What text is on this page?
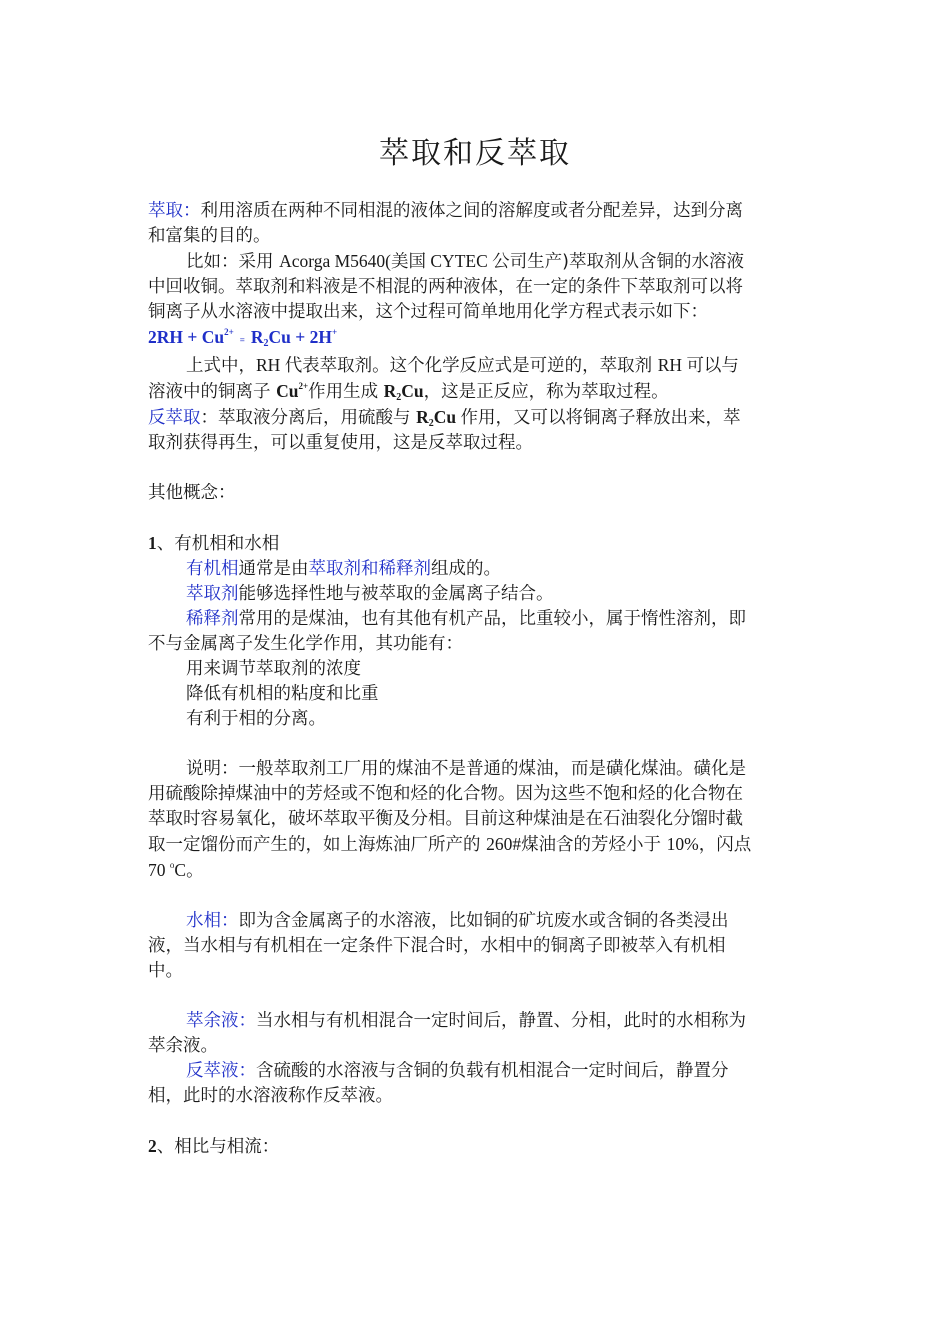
萃取和反萃取

萃取：利用溶质在两种不同相混的液体之间的溶解度或者分配差异，达到分离

和富集的目的。

比如：采用 Acorga M5640(美国 CYTEC 公司生产)萃取剂从含铜的水溶液

中回收铜。萃取剂和料液是不相混的两种液体，在一定的条件下萃取剂可以将

铜离子从水溶液中提取出来，这个过程可简单地用化学方程式表示如下：

$2RH + Cu^{2+}= R_2Cu + 2H^+$

上式中，RH 代表萃取剂。这个化学反应式是可逆的，萃取剂 RH 可以与

溶液中的铜离子 $Cu^{2+}$作用生成 $R_2Cu$，这是正反应，称为萃取过程。

反萃取：萃取液分离后，用硫酸与 $R_2Cu$ 作用，又可以将铜离子释放出来，萃

取剂获得再生，可以重复使用，这是反萃取过程。

其他概念：

1、有机相和水相

有机相通常是由萃取剂和稀释剂组成的。

萃取剂能够选择性地与被萃取的金属离子结合。

稀释剂常用的是煤油，也有其他有机产品，比重较小，属于惰性溶剂，即

不与金属离子发生化学作用，其功能有：

用来调节萃取剂的浓度

降低有机相的粘度和比重

有利于相的分离。

说明：一般萃取剂工厂用的煤油不是普通的煤油，而是磺化煤油。磺化是

用硫酸除掉煤油中的芳烃或不饱和烃的化合物。因为这些不饱和烃的化合物在

萃取时容易氧化，破坏萃取平衡及分相。目前这种煤油是在石油裂化分馏时截

取一定馏份而产生的，如上海炼油厂所产的 260#煤油含的芳烃小于 10%，闪点

70 $^o$C。

水相：即为含金属离子的水溶液，比如铜的矿坑废水或含铜的各类浸出

液，当水相与有机相在一定条件下混合时，水相中的铜离子即被萃入有机相

中。

萃余液：当水相与有机相混合一定时间后，静置、分相，此时的水相称为

萃余液。

反萃液：含硫酸的水溶液与含铜的负载有机相混合一定时间后，静置分

相，此时的水溶液称作反萃液。

2、相比与相流：
